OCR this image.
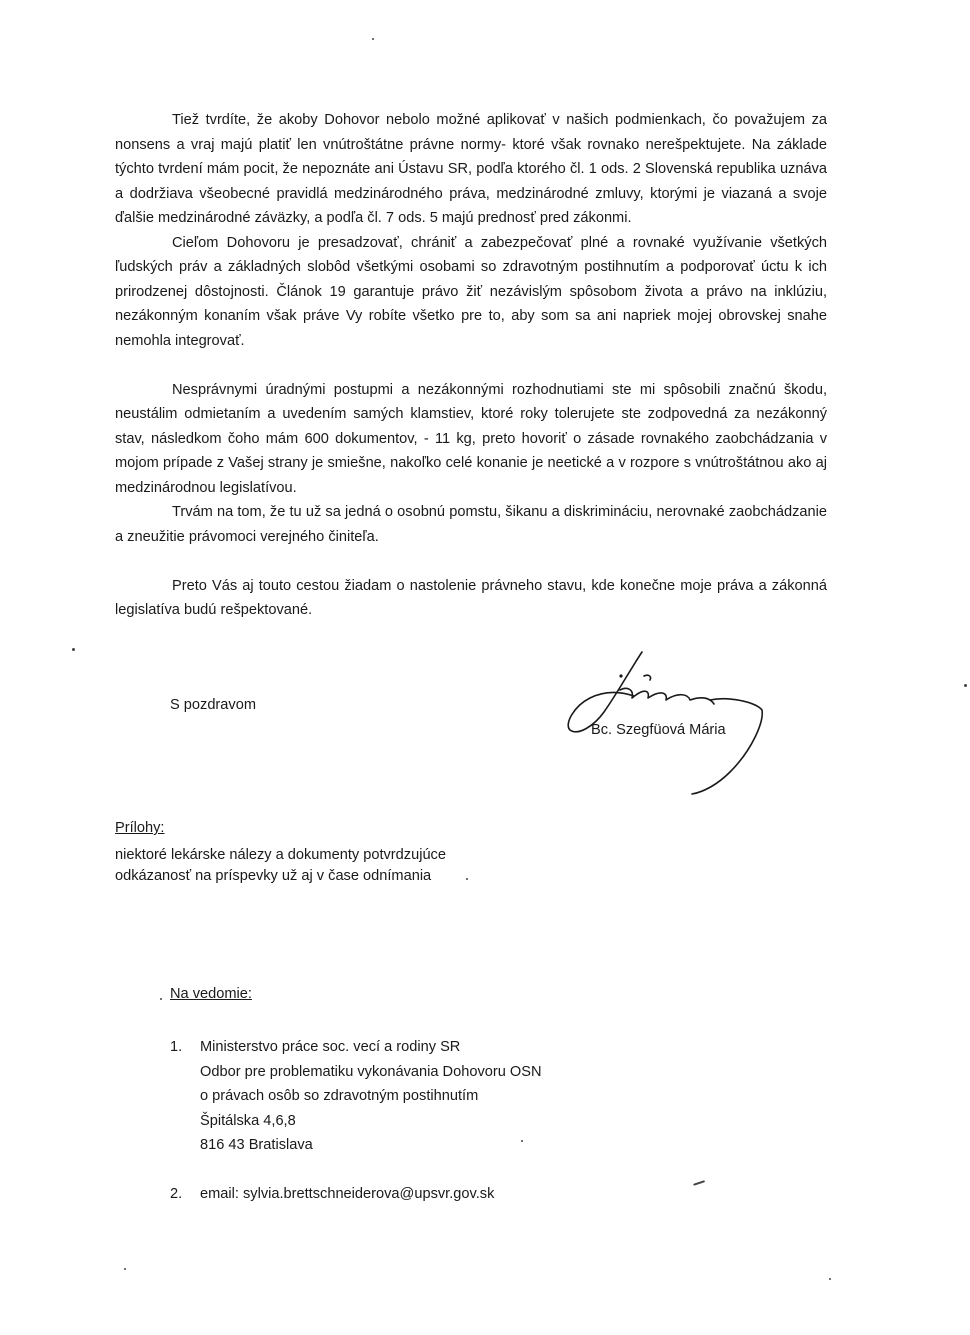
Tiež tvrdíte, že akoby Dohovor nebolo možné aplikovať v našich podmienkach, čo považujem za nonsens a vraj majú platiť len vnútroštátne právne normy- ktoré však rovnako nerešpektujete. Na základe týchto tvrdení mám pocit, že nepoznáte ani Ústavu SR, podľa ktorého čl. 1 ods. 2 Slovenská republika uznáva a dodržiava všeobecné pravidlá medzinárodného práva, medzinárodné zmluvy, ktorými je viazaná a svoje ďalšie medzinárodné záväzky, a podľa čl. 7 ods. 5 majú prednosť pred zákonmi.

Cieľom Dohovoru je presadzovať, chrániť a zabezpečovať plné a rovnaké využívanie všetkých ľudských práv a základných slobôd všetkými osobami so zdravotným postihnutím a podporovať úctu k ich prirodzenej dôstojnosti. Článok 19 garantuje právo žiť nezávislým spôsobom života a právo na inklúziu, nezákonným konaním však práve Vy robíte všetko pre to, aby som sa ani napriek mojej obrovskej snahe nemohla integrovať.

Nesprávnymi úradnými postupmi a nezákonnými rozhodnutiami ste mi spôsobili značnú škodu, neustálim odmietaním a uvedením samých klamstiev, ktoré roky tolerujete ste zodpovedná za nezákonný stav, následkom čoho mám 600 dokumentov, - 11 kg, preto hovoriť o zásade rovnakého zaobchádzania v mojom prípade z Vašej strany je smiešne, nakoľko celé konanie je neetické a v rozpore s vnútroštátnou ako aj medzinárodnou legislatívou.

Trvám na tom, že tu už sa jedná o osobnú pomstu, šikanu a diskrimináciu, nerovnaké zaobchádzanie a zneužitie právomoci verejného činiteľa.

Preto Vás aj touto cestou žiadam o nastolenie právneho stavu, kde konečne moje práva a zákonná legislatíva budú rešpektované.

S pozdravom
Bc. Szegfüová Mária
Prílohy:
niektoré lekárske nálezy a dokumenty potvrdzujúce
odkázanosť na príspevky už aj v čase odnímania
Na vedomie:
1. Ministerstvo práce soc. vecí a rodiny SR
Odbor pre problematiku vykonávania Dohovoru OSN
o právach osôb so zdravotným postihnutím
Špitálska 4,6,8
816 43 Bratislava
2. email: sylvia.brettschneiderova@upsvr.gov.sk
